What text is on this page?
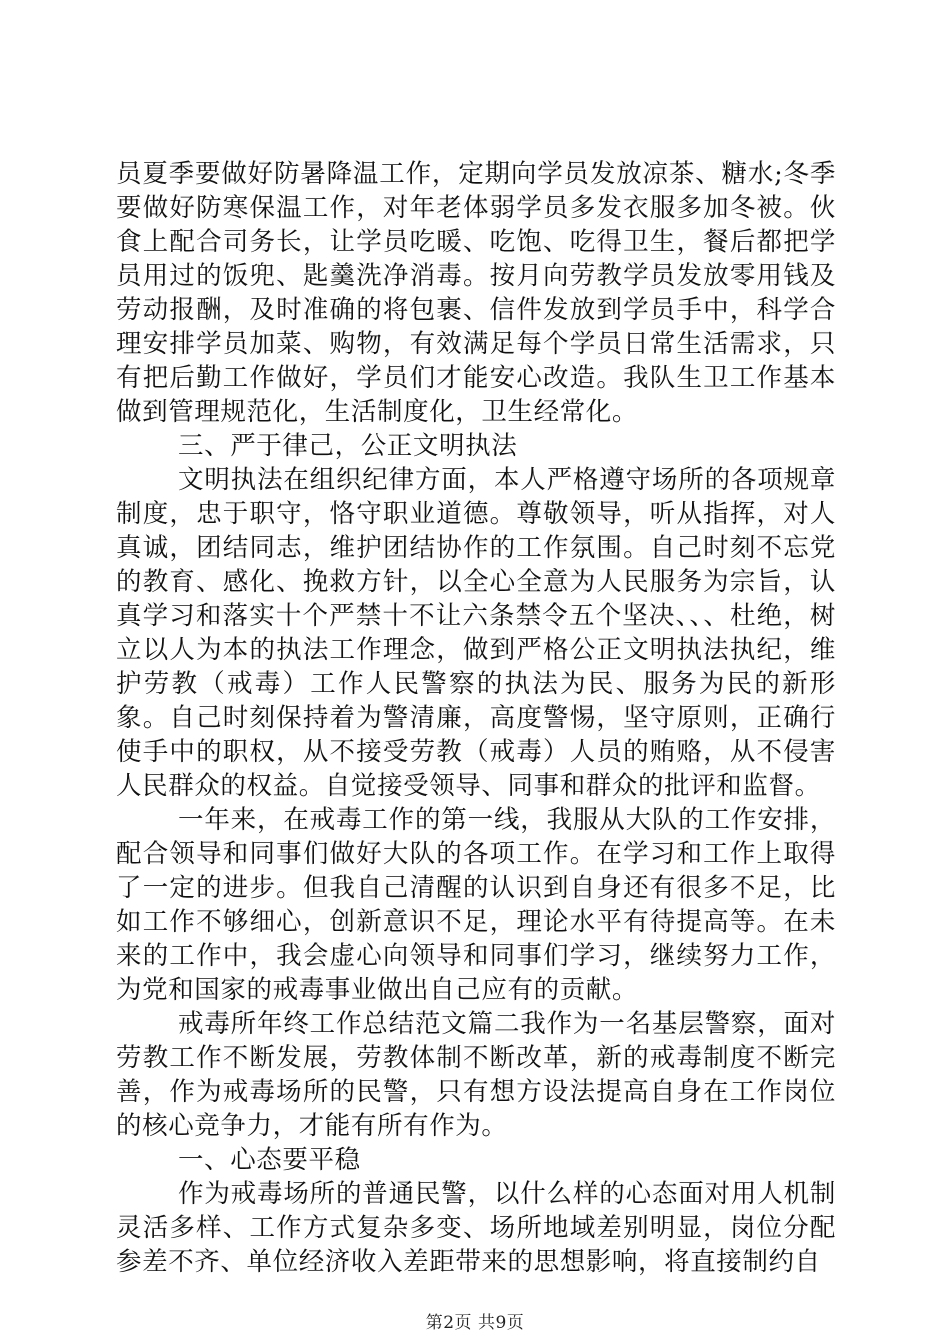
员夏季要做好防暑降温工作，定期向学员发放凉茶、糖水;冬季要做好防寒保温工作，对年老体弱学员多发衣服多加冬被。伙食上配合司务长，让学员吃暖、吃饱、吃得卫生，餐后都把学员用过的饭兜、匙羹洗净消毒。按月向劳教学员发放零用钱及劳动报酬，及时准确的将包裹、信件发放到学员手中，科学合理安排学员加菜、购物，有效满足每个学员日常生活需求，只有把后勤工作做好，学员们才能安心改造。我队生卫工作基本做到管理规范化，生活制度化，卫生经常化。

三、严于律己，公正文明执法

文明执法在组织纪律方面，本人严格遵守场所的各项规章制度，忠于职守，恪守职业道德。尊敬领导，听从指挥，对人真诚，团结同志，维护团结协作的工作氛围。自己时刻不忘党的教育、感化、挽救方针，以全心全意为人民服务为宗旨，认真学习和落实十个严禁十不让六条禁令五个坚决、、、杜绝，树立以人为本的执法工作理念，做到严格公正文明执法执纪，维护劳教（戒毒）工作人民警察的执法为民、服务为民的新形象。自己时刻保持着为警清廉，高度警惕，坚守原则，正确行使手中的职权，从不接受劳教（戒毒）人员的贿赂，从不侵害人民群众的权益。自觉接受领导、同事和群众的批评和监督。

一年来，在戒毒工作的第一线，我服从大队的工作安排，配合领导和同事们做好大队的各项工作。在学习和工作上取得了一定的进步。但我自己清醒的认识到自身还有很多不足，比如工作不够细心，创新意识不足，理论水平有待提高等。在未来的工作中，我会虚心向领导和同事们学习，继续努力工作，为党和国家的戒毒事业做出自己应有的贡献。

戒毒所年终工作总结范文篇二我作为一名基层警察，面对劳教工作不断发展，劳教体制不断改革，新的戒毒制度不断完善，作为戒毒场所的民警，只有想方设法提高自身在工作岗位的核心竞争力，才能有所有作为。

一、心态要平稳

作为戒毒场所的普通民警，以什么样的心态面对用人机制灵活多样、工作方式复杂多变、场所地域差别明显，岗位分配参差不齐、单位经济收入差距带来的思想影响，将直接制约自

第2页 共9页
